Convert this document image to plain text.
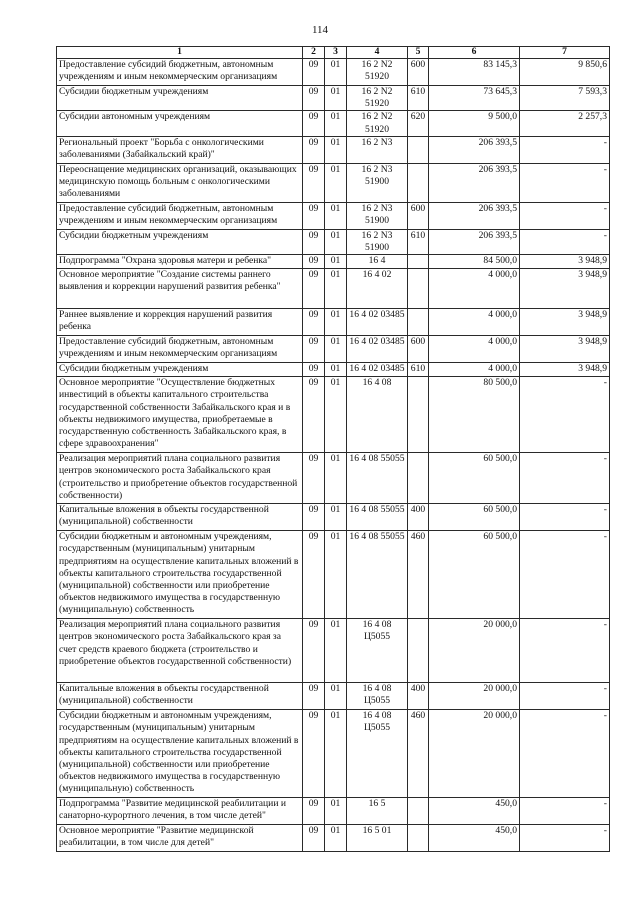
114
1	2	3	4	5	6	7
Предоставление субсидий бюджетным, автономным учреждениям и иным некоммерческим организациям	09	01	16 2 N2 51920	600	83 145,3	9 850,6
Субсидии бюджетным учреждениям	09	01	16 2 N2 51920	610	73 645,3	7 593,3
Субсидии автономным учреждениям	09	01	16 2 N2 51920	620	9 500,0	2 257,3
Региональный проект "Борьба с онкологическими заболеваниями (Забайкальский край)"	09	01	16 2 N3		206 393,5	-
Переоснащение медицинских организаций, оказывающих медицинскую помощь больным с онкологическими заболеваниями	09	01	16 2 N3 51900		206 393,5	-
Предоставление субсидий бюджетным, автономным учреждениям и иным некоммерческим организациям	09	01	16 2 N3 51900	600	206 393,5	-
Субсидии бюджетным учреждениям	09	01	16 2 N3 51900	610	206 393,5	-
Подпрограмма "Охрана здоровья матери и ребенка"	09	01	16 4		84 500,0	3 948,9
Основное мероприятие "Создание системы раннего выявления и коррекции нарушений развития ребенка"	09	01	16 4 02		4 000,0	3 948,9
Раннее выявление и коррекция нарушений развития ребенка	09	01	16 4 02 03485		4 000,0	3 948,9
Предоставление субсидий бюджетным, автономным учреждениям и иным некоммерческим организациям	09	01	16 4 02 03485	600	4 000,0	3 948,9
Субсидии бюджетным учреждениям	09	01	16 4 02 03485	610	4 000,0	3 948,9
Основное мероприятие "Осуществление бюджетных инвестиций в объекты капитального строительства государственной собственности Забайкальского края и в объекты недвижимого имущества, приобретаемые в государственную собственность Забайкальского края, в сфере здравоохранения"	09	01	16 4 08		80 500,0	-
Реализация мероприятий плана социального развития центров экономического роста Забайкальского края (строительство и приобретение объектов государственной собственности)	09	01	16 4 08 55055		60 500,0	-
Капитальные вложения в объекты государственной (муниципальной) собственности	09	01	16 4 08 55055	400	60 500,0	-
Субсидии бюджетным и автономным учреждениям, государственным (муниципальным) унитарным предприятиям на осуществление капитальных вложений в объекты капитального строительства государственной (муниципальной) собственности или приобретение объектов недвижимого имущества в государственную (муниципальную) собственность	09	01	16 4 08 55055	460	60 500,0	-
Реализация мероприятий плана социального развития центров экономического роста Забайкальского края за счет средств краевого бюджета (строительство и приобретение объектов государственной собственности)	09	01	16 4 08 Ц5055		20 000,0	-
Капитальные вложения в объекты государственной (муниципальной) собственности	09	01	16 4 08 Ц5055	400	20 000,0	-
Субсидии бюджетным и автономным учреждениям, государственным (муниципальным) унитарным предприятиям на осуществление капитальных вложений в объекты капитального строительства государственной (муниципальной) собственности или приобретение объектов недвижимого имущества в государственную (муниципальную) собственность	09	01	16 4 08 Ц5055	460	20 000,0	-
Подпрограмма "Развитие медицинской реабилитации и санаторно-курортного лечения, в том числе детей"	09	01	16 5		450,0	-
Основное мероприятие "Развитие медицинской реабилитации, в том числе для детей"	09	01	16 5 01		450,0	-
